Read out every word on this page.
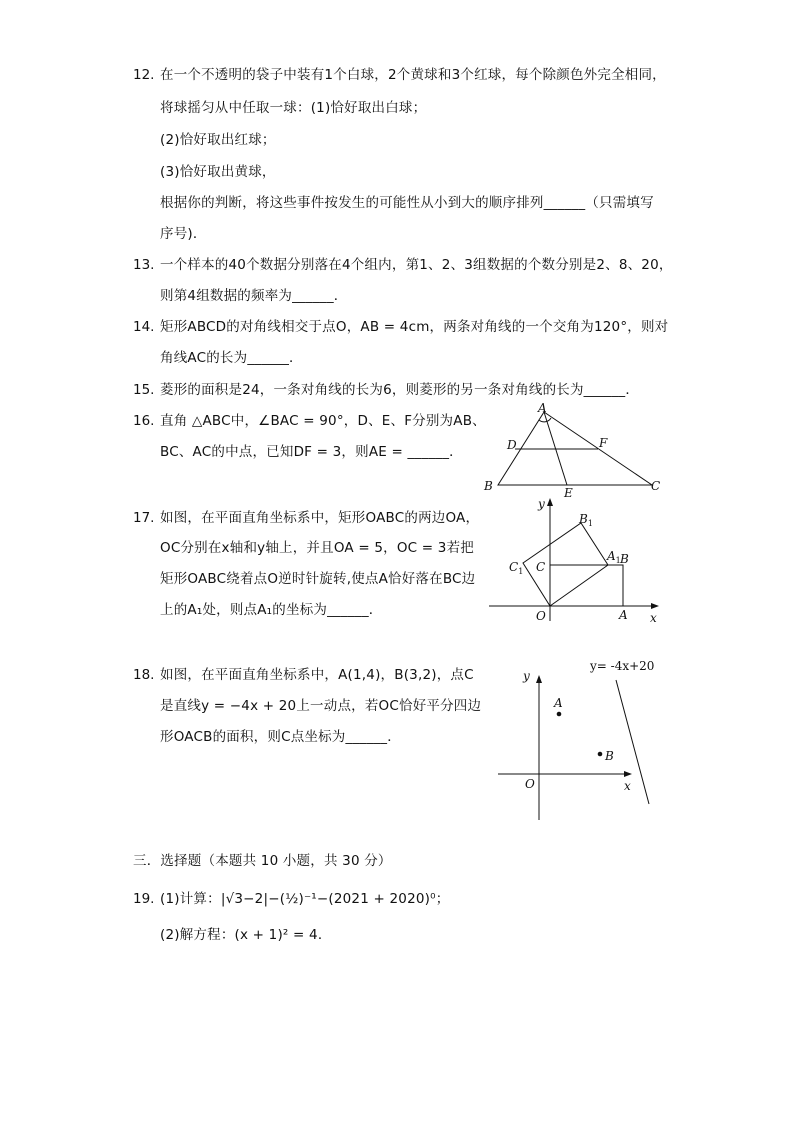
12. 在一个不透明的袋子中装有1个白球，2个黄球和3个红球，每个除颜色外完全相同，
将球摇匀从中任取一球：(1)恰好取出白球；
(2)恰好取出红球；
(3)恰好取出黄球，
根据你的判断，将这些事件按发生的可能性从小到大的顺序排列______（只需填写
序号)．
13. 一个样本的40个数据分别落在4个组内，第1、2、3组数据的个数分别是2、8、20，
则第4组数据的频率为______．
14. 矩形ABCD的对角线相交于点O，AB = 4cm，两条对角线的一个交角为120°，则对
角线AC的长为______．
15. 菱形的面积是24，一条对角线的长为6，则菱形的另一条对角线的长为______．
16. 直角 △ABC中，∠BAC = 90°，D、E、F分别为AB、
BC、AC的中点，已知DF = 3，则AE = ______．
A
D	F
B	E	C
17. 如图，在平面直角坐标系中，矩形OABC的两边OA，
OC分别在x轴和y轴上，并且OA = 5，OC = 3若把
矩形OABC绕着点O逆时针旋转,使点A恰好落在BC边
上的A₁处，则点A₁的坐标为______．
y
$B_1$
$A_1$ B
$C_1$ C
O	A x
18. 如图，在平面直角坐标系中，A(1,4)，B(3,2)，点C
是直线y = −4x + 20上一动点，若OC恰好平分四边
形OACB的面积，则C点坐标为______．
y
y= -4x+20
A
B
O	x
三．选择题（本题共 10 小题，共 30 分）
19. (1)计算：|√3−2|−(½)⁻¹−(2021 + 2020)⁰；
(2)解方程：(x + 1)² = 4．
